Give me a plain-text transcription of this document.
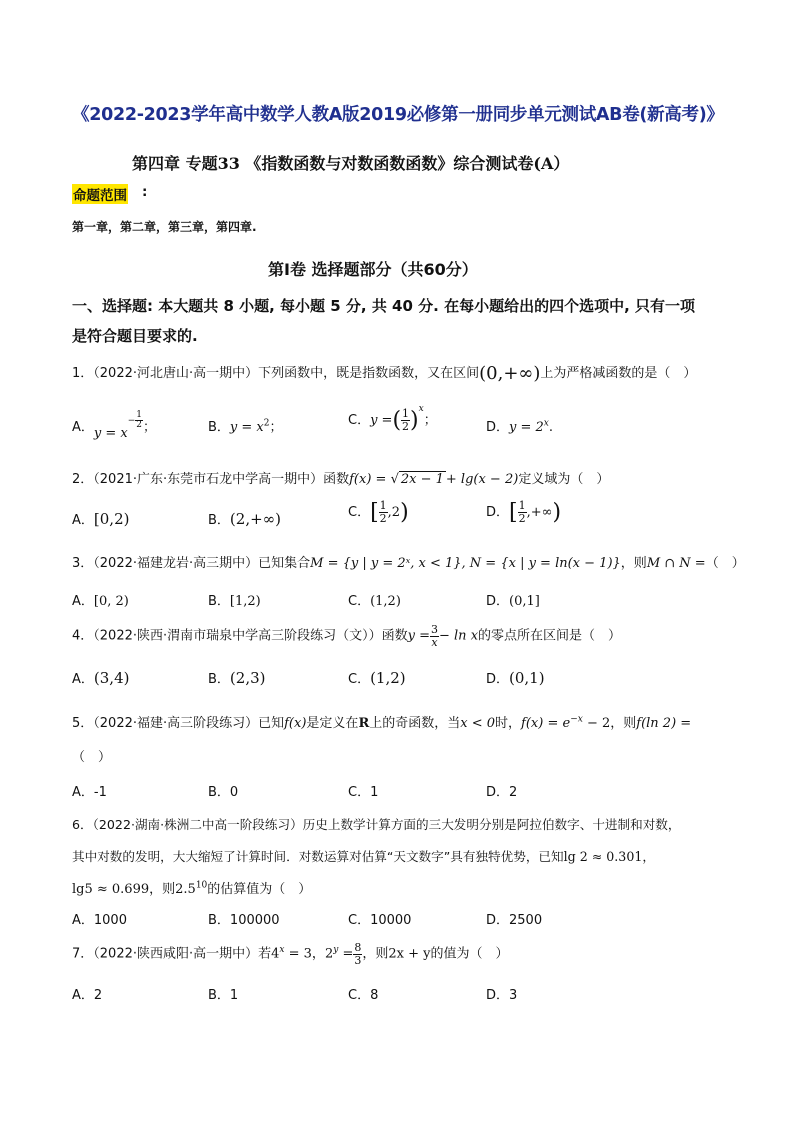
《2022-2023学年高中数学人教A版2019必修第一册同步单元测试AB卷(新高考)》
第四章 专题33 《指数函数与对数函数函数》综合测试卷(A）
命题范围 :
第一章，第二章，第三章，第四章.
第Ⅰ卷 选择题部分（共60分）
一、选择题: 本大题共 8 小题, 每小题 5 分, 共 40 分. 在每小题给出的四个选项中, 只有一项
是符合题目要求的.
1．（2022·河北唐山·高一期中）下列函数中，既是指数函数，又在区间(0,+∞)上为严格减函数的是（　）
A．$y = x^{- \frac{1}{2}}$ ；	B．$y = x^2$；	C．y =( $\frac{1}{2} )^x$；	D．$y = 2^x$.
2．（2021·广东·东莞市石龙中学高一期中）函数f(x) = √ 2x − 1 + lg(x − 2)定义域为（　）
A．[0,2)	B．(2,+∞)	C．[ $\frac{1}{2} ,2$)	D．[ $\frac{1}{2}$ ,+∞)
3．（2022·福建龙岩·高三期中）已知集合M = {y | y = 2ˣ, x < 1}, N = {x | y = ln(x − 1)}，则M ∩ N =（　）
A．[0, 2)	B．[1,2)	C．(1,2)	D．(0,1]
4．（2022·陕西·渭南市瑞泉中学高三阶段练习（文））函数$y = \frac{3}{x} - \ln x$的零点所在区间是（　）
A．(3,4)	B．(2,3)	C．(1,2)	D．(0,1)
5．（2022·福建·高三阶段练习）已知f(x)是定义在R上的奇函数，当x < 0时，$f(x) = e^{-x} - 2$，则f(ln 2) =
（　）
A．-1	B．0	C．1	D．2
6．（2022·湖南·株洲二中高一阶段练习）历史上数学计算方面的三大发明分别是阿拉伯数字、十进制和对数，
其中对数的发明，大大缩短了计算时间．对数运算对估算“天文数字”具有独特优势，已知lg 2 ≈ 0.301，
lg5 ≈ 0.699，则$2.5^{10}$的估算值为（　）
A．1000	B．100000	C．10000	D．2500
7．（2022·陕西咸阳·高一期中）若$4^x = 3$，$2^y = \frac{8}{3}$ ，则2x + y的值为（　）
A．2	B．1	C．8	D．3
